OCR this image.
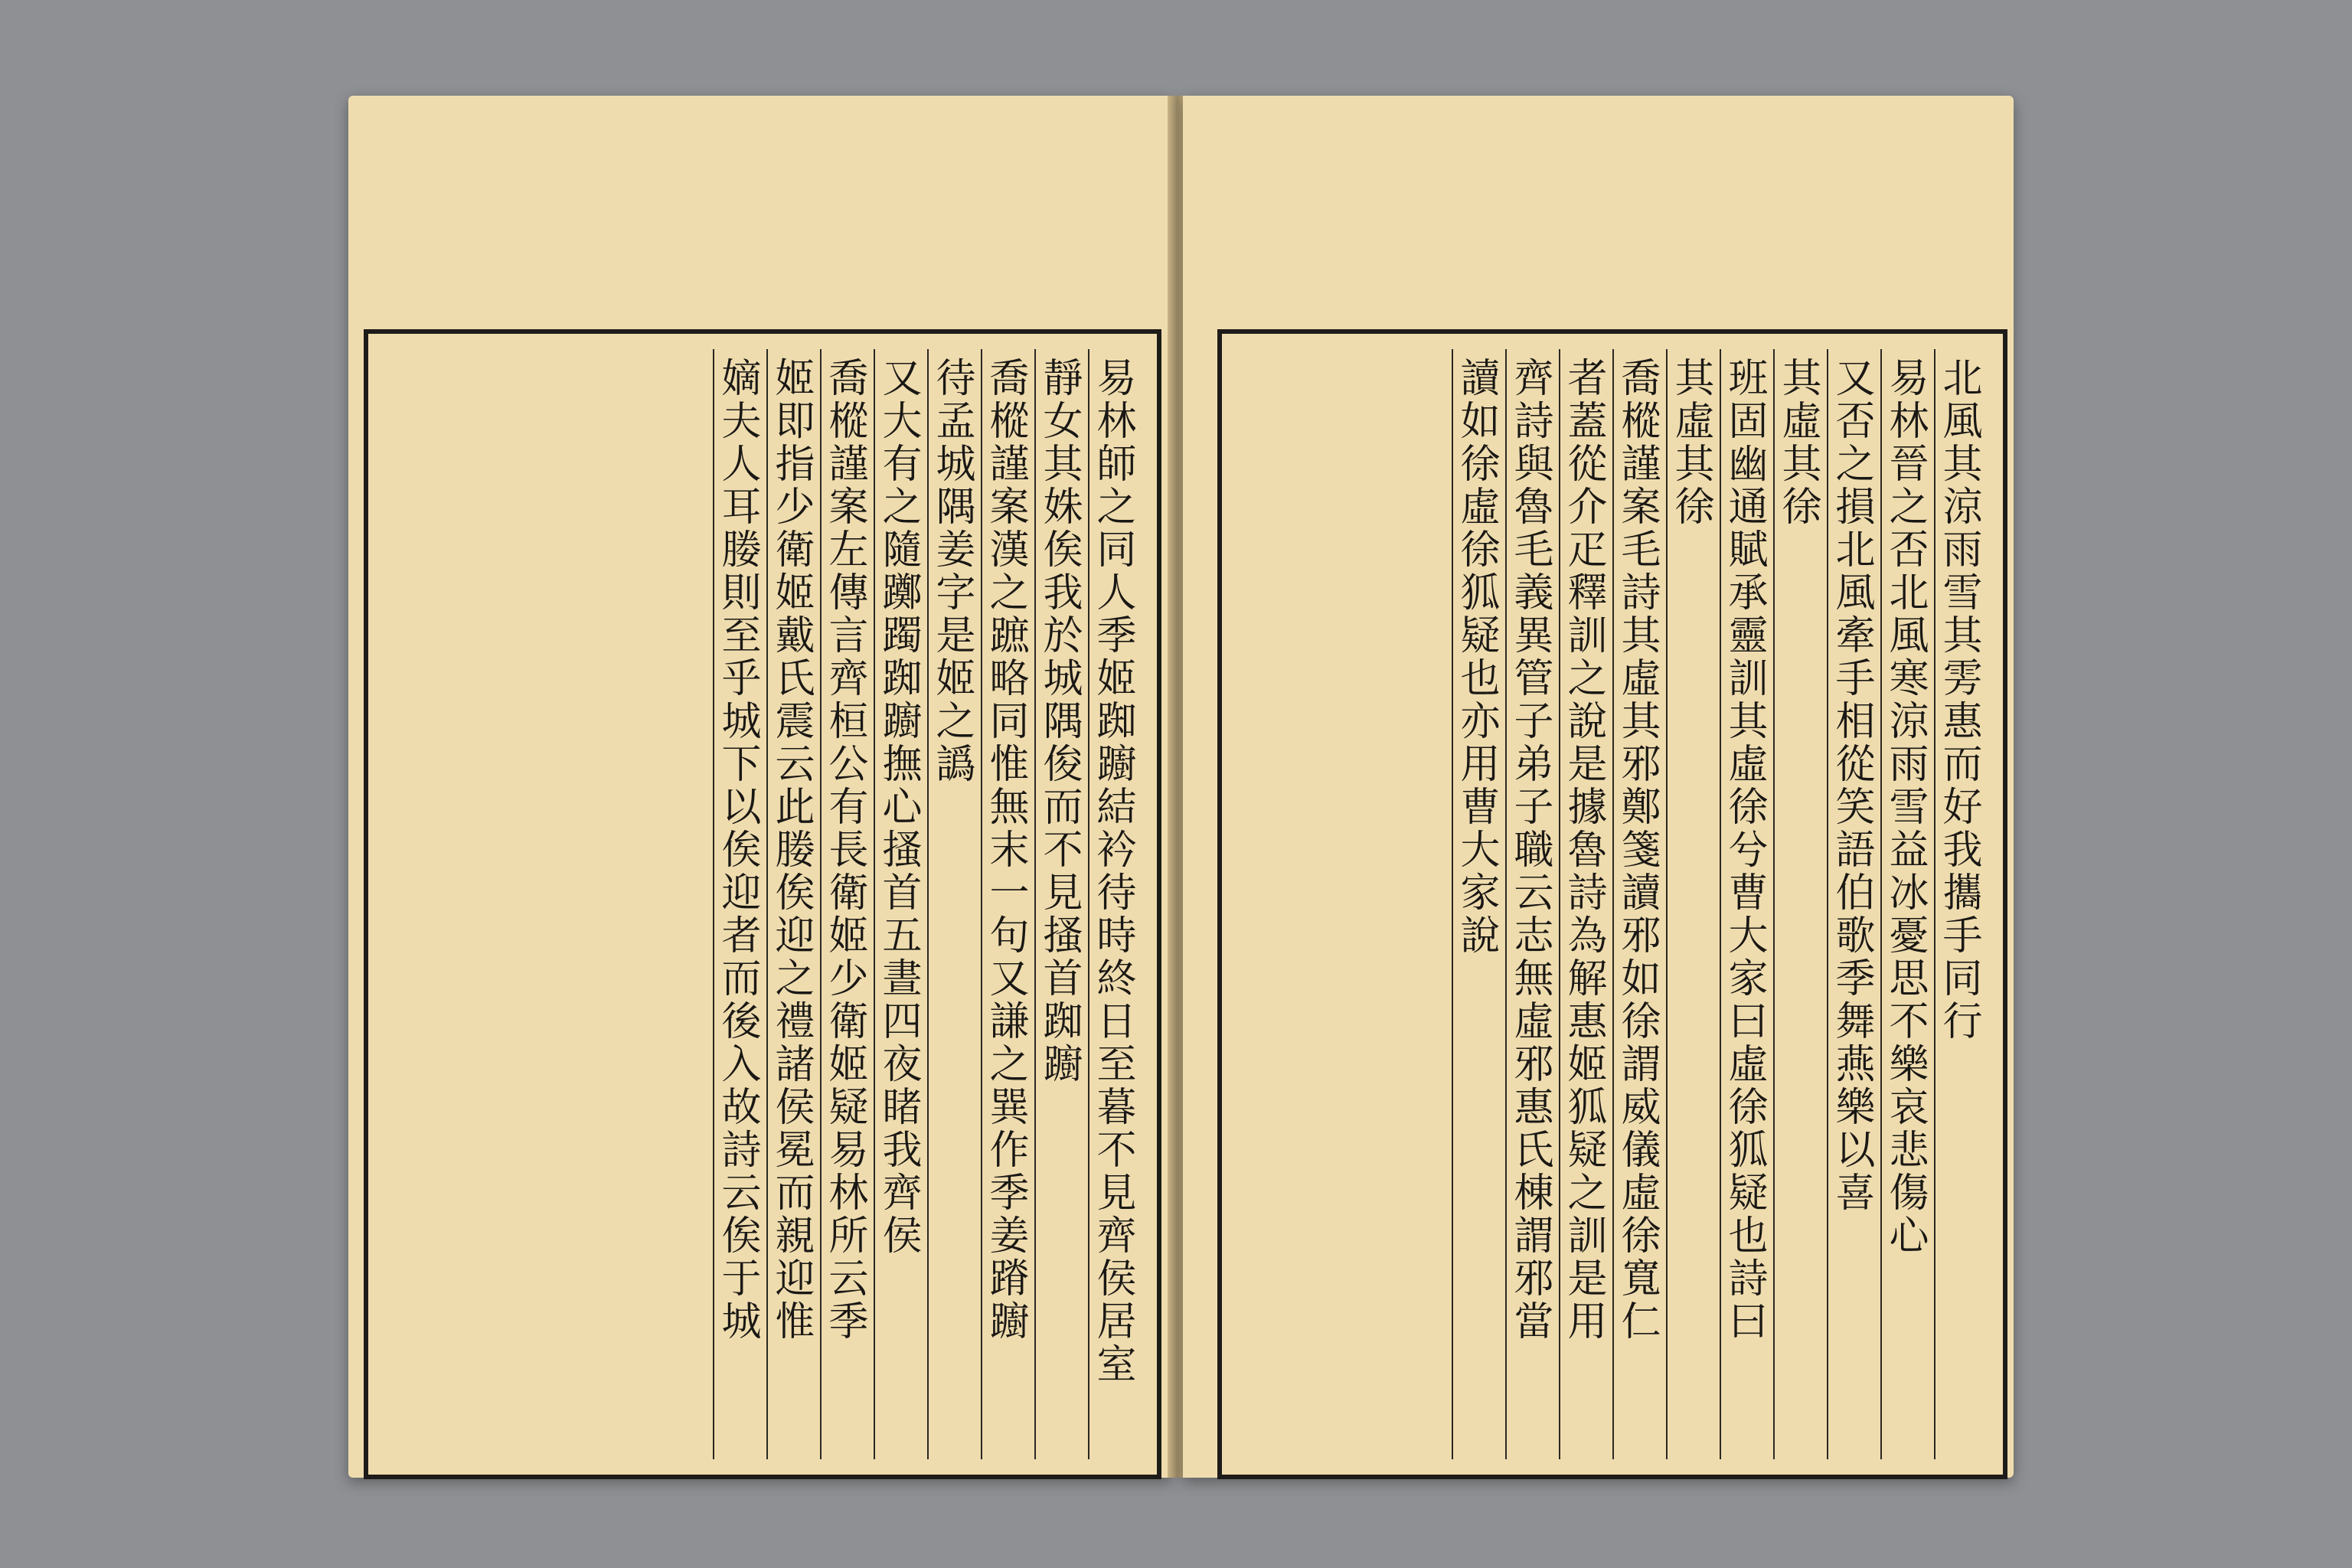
易林師之同人季姬踟躕結衿待時終日至暮不見齊侯居室
靜女其姝俟我於城隅俊而不見搔首踟躕
喬樅謹案漢之蹠略同惟無末一句又謙之巽作季姜蹐躕
待孟城隅姜字是姬之譌
又大有之隨躑躅踟躕撫心搔首五晝四夜睹我齊侯
喬樅謹案左傳言齊桓公有長衛姬少衛姬疑易林所云季
姬即指少衛姬戴氏震云此媵俟迎之禮諸侯冕而親迎惟
嫡夫人耳媵則至乎城下以俟迎者而後入故詩云俟于城	北風其涼雨雪其雱惠而好我攜手同行
易林晉之否北風寒涼雨雪益冰憂思不樂哀悲傷心
又否之損北風牽手相從笑語伯歌季舞燕樂以喜
其虛其徐
班固幽通賦承靈訓其虛徐兮曹大家曰虛徐狐疑也詩曰
其虛其徐
喬樅謹案毛詩其虛其邪鄭箋讀邪如徐謂威儀虛徐寬仁
者蓋從介疋釋訓之說是據魯詩為解惠姬狐疑之訓是用
齊詩與魯毛義異管子弟子職云志無虛邪惠氏棟謂邪當
讀如徐虛徐狐疑也亦用曹大家說
